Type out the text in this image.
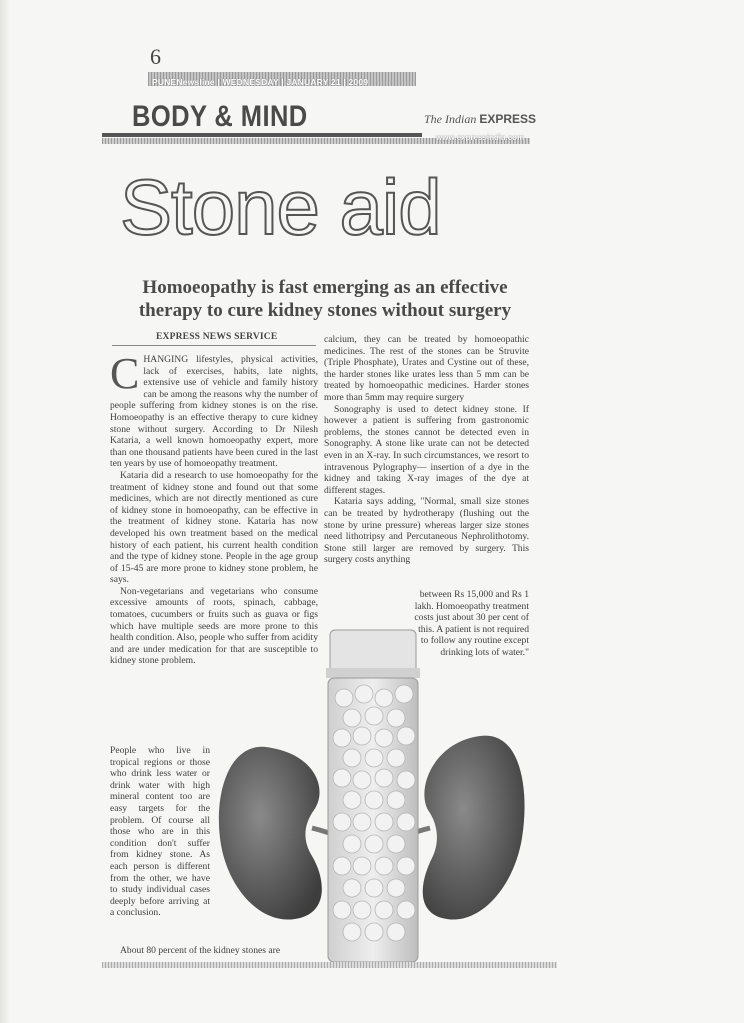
6
PUNENewsline | WEDNESDAY | JANUARY 21 | 2009
BODY & MIND	The Indian EXPRESS
www.expressindia.com
Stone aid
Homoeopathy is fast emerging as an effective therapy to cure kidney stones without surgery
EXPRESS NEWS SERVICE

CHANGING lifestyles, physical activities, lack of exercises, habits, late nights, extensive use of vehicle and family history can be among the reasons why the number of people suffering from kidney stones is on the rise. Homoeopathy is an effective therapy to cure kidney stone without surgery. According to Dr Nilesh Kataria, a well known homoeopathy expert, more than one thousand patients have been cured in the last ten years by use of homoeopathy treatment.

Kataria did a research to use homoeopathy for the treatment of kidney stone and found out that some medicines, which are not directly mentioned as cure of kidney stone in homoeopathy, can be effective in the treatment of kidney stone. Kataria has now developed his own treatment based on the medical history of each patient, his current health condition and the type of kidney stone. People in the age group of 15-45 are more prone to kidney stone problem, he says.

Non-vegetarians and vegetarians who consume excessive amounts of roots, spinach, cabbage, tomatoes, cucumbers or fruits such as guava or figs which have multiple seeds are more prone to this health condition. Also, people who suffer from acidity and are under medication for that are susceptible to kidney stone problem.

People who live in tropical regions or those who drink less water or drink water with high mineral content too are easy targets for the problem. Of course all those who are in this condition don't suffer from kidney stone. As each person is different from the other, we have to study individual cases deeply before arriving at a conclusion.

About 80 percent of the kidney stones are

calcium, they can be treated by homoeopathic medicines. The rest of the stones can be Struvite (Triple Phosphate), Urates and Cystine out of these, the harder stones like urates less than 5 mm can be treated by homoeopathic medicines. Harder stones more than 5mm may require surgery

Sonography is used to detect kidney stone. If however a patient is suffering from gastronomic problems, the stones cannot be detected even in Sonography. A stone like urate can not be detected even in an X-ray. In such circumstances, we resort to intravenous Pylography— insertion of a dye in the kidney and taking X-ray images of the dye at different stages.

Kataria says adding, "Normal, small size stones can be treated by hydrotherapy (flushing out the stone by urine pressure) whereas larger size stones need lithotripsy and Percutaneous Nephrolithotomy. Stone still larger are removed by surgery. This surgery costs anything

between Rs 15,000 and Rs 1 lakh. Homoeopathy treatment costs just about 30 per cent of this. A patient is not required to follow any routine except drinking lots of water."
